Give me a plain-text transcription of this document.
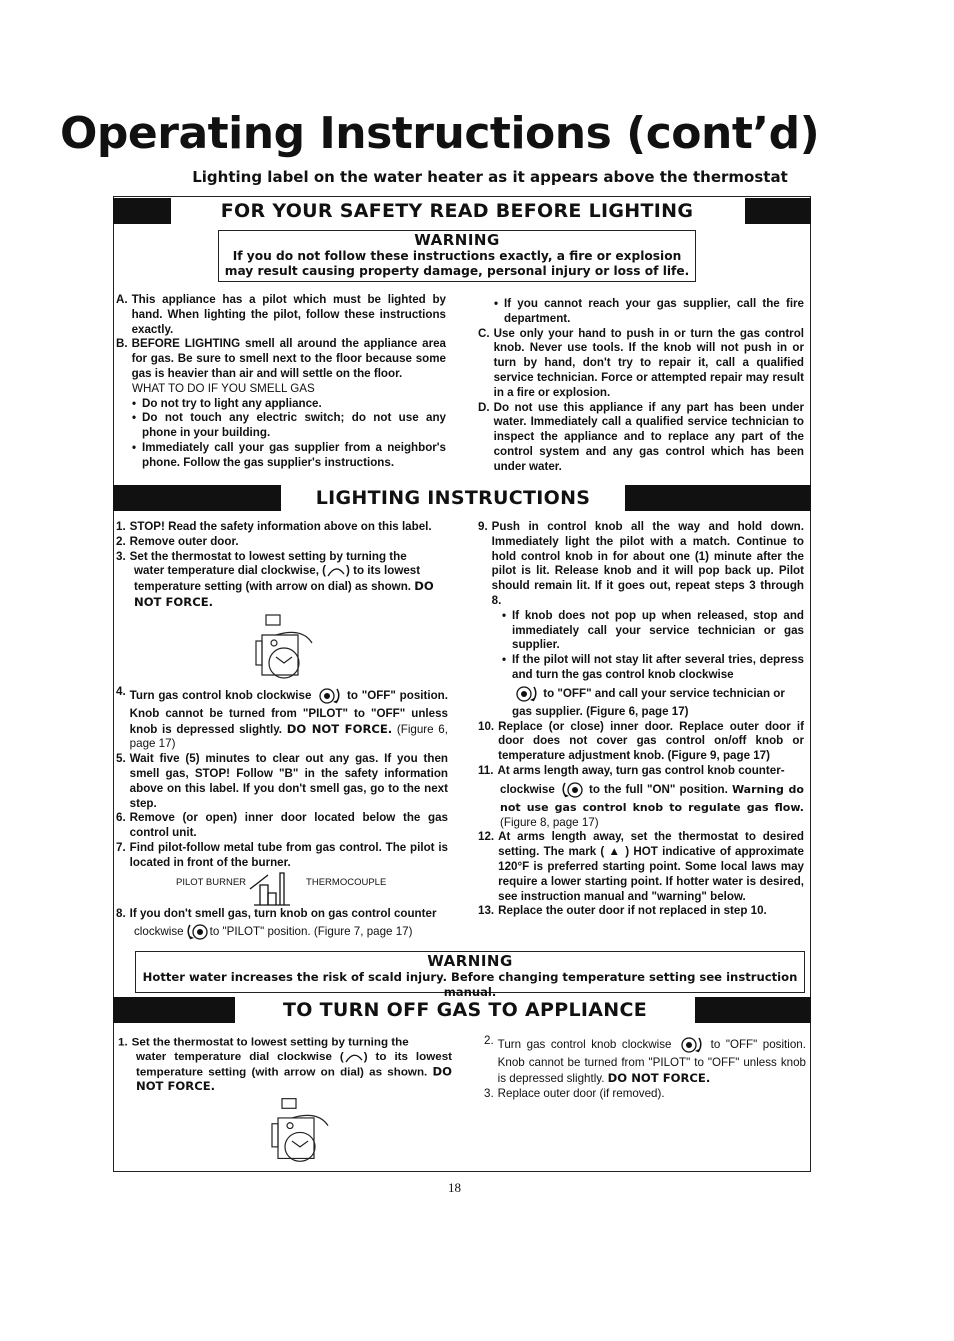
Operating Instructions (cont’d)
Lighting label on the water heater as it appears above the thermostat
FOR YOUR SAFETY READ BEFORE LIGHTING
WARNING
If you do not follow these instructions exactly, a fire or explosion
may result causing property damage, personal injury or loss of life.
A. This appliance has a pilot which must be lighted by hand. When lighting the pilot, follow these instructions exactly.
B. BEFORE LIGHTING smell all around the appliance area for gas. Be sure to smell next to the floor because some gas is heavier than air and will settle on the floor.

WHAT TO DO IF YOU SMELL GAS

• Do not try to light any appliance.
• Do not touch any electric switch; do not use any phone in your building.
• Immediately call your gas supplier from a neighbor's phone. Follow the gas supplier's instructions.
• If you cannot reach your gas supplier, call the fire department.
C. Use only your hand to push in or turn the gas control knob. Never use tools. If the knob will not push in or turn by hand, don't try to repair it, call a qualified service technician. Force or attempted repair may result in a fire or explosion.
D. Do not use this appliance if any part has been under water. Immediately call a qualified service technician to inspect the appliance and to replace any part of the control system and any gas control which has been under water.
LIGHTING INSTRUCTIONS
1. STOP! Read the safety information above on this label.
2. Remove outer door.
3. Set the thermostat to lowest setting by turning the

water temperature dial clockwise, ( ) to its lowest temperature setting (with arrow on dial) as shown. DO NOT FORCE.

4. Turn gas control knob clockwise	to "OFF" position. Knob cannot be turned from "PILOT" to "OFF" unless knob is depressed slightly. DO NOT FORCE. (Figure 6, page 17)
5. Wait five (5) minutes to clear out any gas. If you then smell gas, STOP! Follow "B" in the safety information above on this label. If you don't smell gas, go to the next step.
6. Remove (or open) inner door located below the gas control unit.
7. Find pilot-follow metal tube from gas control. The pilot is located in front of the burner.
PILOT BURNER	THERMOCOUPLE
8. If you don't smell gas, turn knob on gas control counter

clockwise to "PILOT" position. (Figure 7, page 17)

9. Push in control knob all the way and hold down. Immediately light the pilot with a match. Continue to hold control knob in for about one (1) minute after the pilot is lit. Release knob and it will pop back up. Pilot should remain lit. If it goes out, repeat steps 3 through 8.
• If knob does not pop up when released, stop and immediately call your service technician or gas supplier.
• If the pilot will not stay lit after several tries, depress and turn the gas control knob clockwise

to "OFF" and call your service technician or gas supplier. (Figure 6, page 17)

10. Replace (or close) inner door. Replace outer door if door does not cover gas control on/off knob or temperature adjustment knob. (Figure 9, page 17)
11. At arms length away, turn gas control knob counter-

clockwise	to the full "ON" position. Warning do not use gas control knob to regulate gas flow. (Figure 8, page 17)

12. At arms length away, set the thermostat to desired setting. The mark ( ▲ ) HOT indicative of approximate 120°F is preferred starting point. Some local laws may require a lower starting point. If hotter water is desired, see instruction manual and "warning" below.
13. Replace the outer door if not replaced in step 10.
WARNING
Hotter water increases the risk of scald injury. Before changing temperature setting see instruction manual.
TO TURN OFF GAS TO APPLIANCE
1. Set the thermostat to lowest setting by turning the

water temperature dial clockwise ( ) to its lowest temperature setting (with arrow on dial) as shown. DO NOT FORCE.

2. Turn gas control knob clockwise	to "OFF" position. Knob cannot be turned from "PILOT" to "OFF" unless knob is depressed slightly. DO NOT FORCE.
3. Replace outer door (if removed).
18
